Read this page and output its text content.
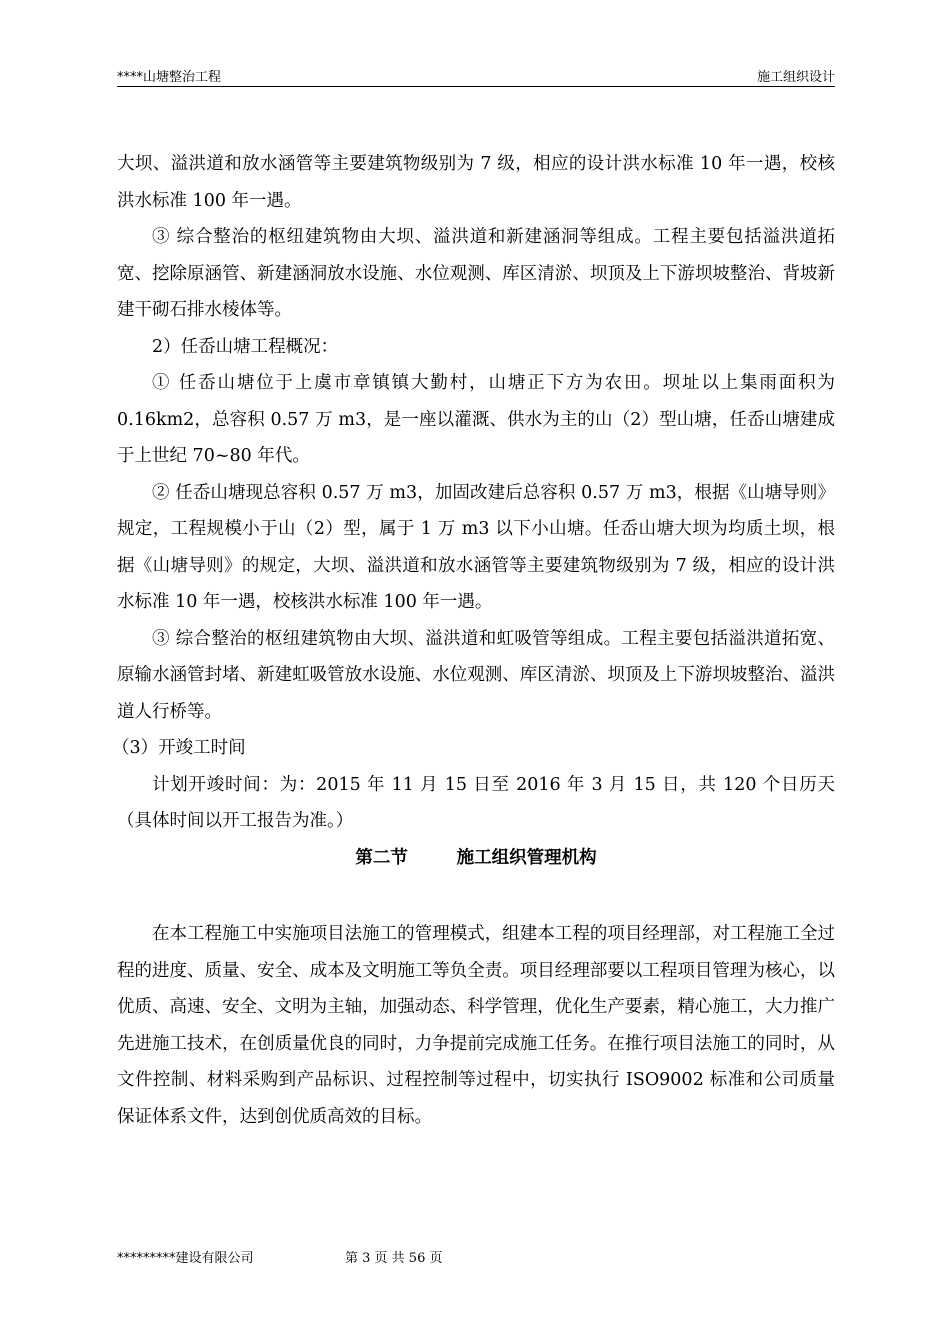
****山塘整治工程	施工组织设计

大坝、溢洪道和放水涵管等主要建筑物级别为 7 级，相应的设计洪水标准 10 年一遇，校核洪水标准 100 年一遇。

③ 综合整治的枢纽建筑物由大坝、溢洪道和新建涵洞等组成。工程主要包括溢洪道拓宽、挖除原涵管、新建涵洞放水设施、水位观测、库区清淤、坝顶及上下游坝坡整治、背坡新建干砌石排水棱体等。

2）任岙山塘工程概况：

① 任岙山塘位于上虞市章镇镇大勤村，山塘正下方为农田。坝址以上集雨面积为 0.16km2，总容积 0.57 万 m3，是一座以灌溉、供水为主的山（2）型山塘，任岙山塘建成于上世纪 70~80 年代。

② 任岙山塘现总容积 0.57 万 m3，加固改建后总容积 0.57 万 m3，根据《山塘导则》规定，工程规模小于山（2）型，属于 1 万 m3 以下小山塘。任岙山塘大坝为均质土坝，根据《山塘导则》的规定，大坝、溢洪道和放水涵管等主要建筑物级别为 7 级，相应的设计洪水标准 10 年一遇，校核洪水标准 100 年一遇。

③ 综合整治的枢纽建筑物由大坝、溢洪道和虹吸管等组成。工程主要包括溢洪道拓宽、原输水涵管封堵、新建虹吸管放水设施、水位观测、库区清淤、坝顶及上下游坝坡整治、溢洪道人行桥等。

（3）开竣工时间

计划开竣时间：为：2015 年 11 月 15 日至 2016 年 3 月 15 日，共 120 个日历天（具体时间以开工报告为准。）

第二节        施工组织管理机构

在本工程施工中实施项目法施工的管理模式，组建本工程的项目经理部，对工程施工全过程的进度、质量、安全、成本及文明施工等负全责。项目经理部要以工程项目管理为核心，以优质、高速、安全、文明为主轴，加强动态、科学管理，优化生产要素，精心施工，大力推广先进施工技术，在创质量优良的同时，力争提前完成施工任务。在推行项目法施工的同时，从文件控制、材料采购到产品标识、过程控制等过程中，切实执行 ISO9002 标准和公司质量保证体系文件，达到创优质高效的目标。

*********建设有限公司	第 3 页 共 56 页
